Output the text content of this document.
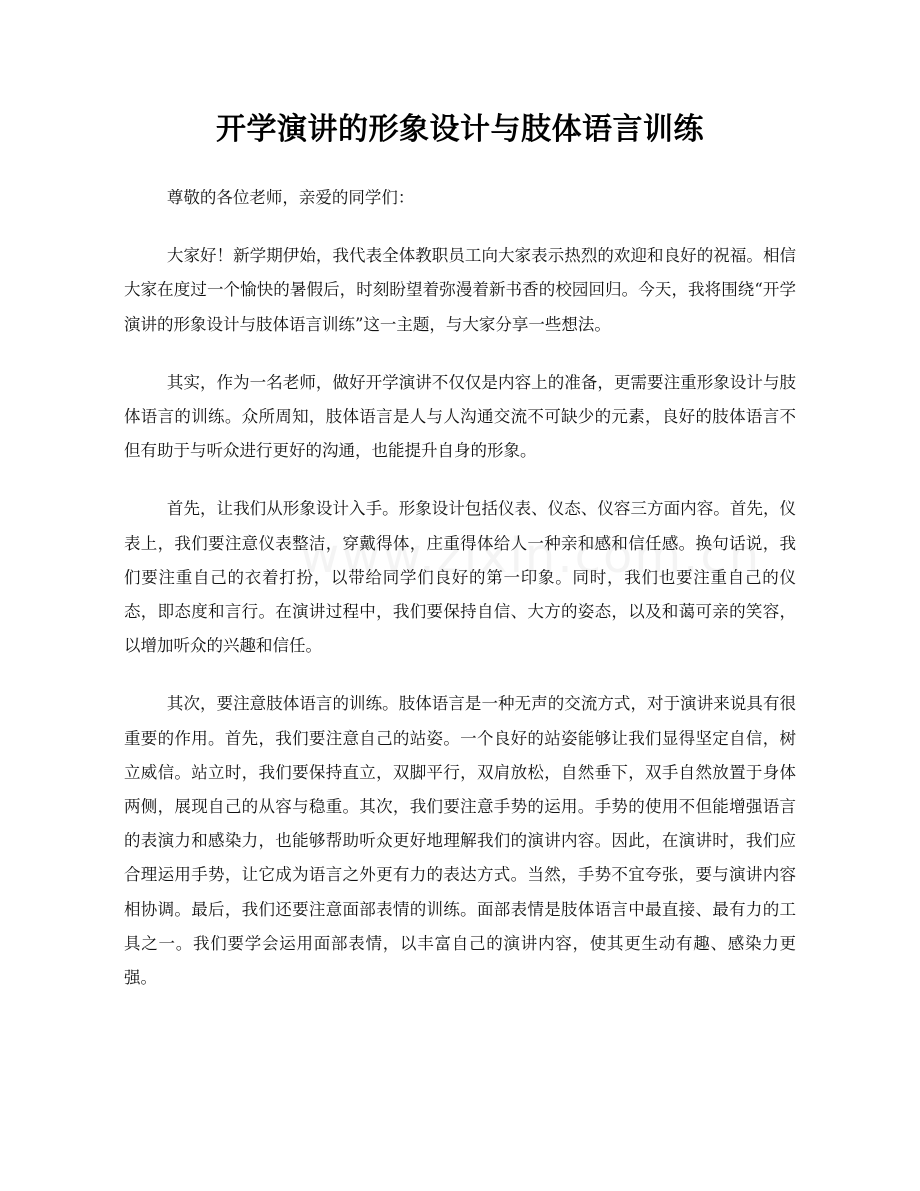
开学演讲的形象设计与肢体语言训练

尊敬的各位老师，亲爱的同学们：

大家好！新学期伊始，我代表全体教职员工向大家表示热烈的欢迎和良好的祝福。相信大家在度过一个愉快的暑假后，时刻盼望着弥漫着新书香的校园回归。今天，我将围绕“开学演讲的形象设计与肢体语言训练”这一主题，与大家分享一些想法。

其实，作为一名老师，做好开学演讲不仅仅是内容上的准备，更需要注重形象设计与肢体语言的训练。众所周知，肢体语言是人与人沟通交流不可缺少的元素，良好的肢体语言不但有助于与听众进行更好的沟通，也能提升自身的形象。

首先，让我们从形象设计入手。形象设计包括仪表、仪态、仪容三方面内容。首先，仪表上，我们要注意仪表整洁，穿戴得体，庄重得体给人一种亲和感和信任感。换句话说，我们要注重自己的衣着打扮，以带给同学们良好的第一印象。同时，我们也要注重自己的仪态，即态度和言行。在演讲过程中，我们要保持自信、大方的姿态，以及和蔼可亲的笑容，以增加听众的兴趣和信任。

其次，要注意肢体语言的训练。肢体语言是一种无声的交流方式，对于演讲来说具有很重要的作用。首先，我们要注意自己的站姿。一个良好的站姿能够让我们显得坚定自信，树立威信。站立时，我们要保持直立，双脚平行，双肩放松，自然垂下，双手自然放置于身体两侧，展现自己的从容与稳重。其次，我们要注意手势的运用。手势的使用不但能增强语言的表演力和感染力，也能够帮助听众更好地理解我们的演讲内容。因此，在演讲时，我们应合理运用手势，让它成为语言之外更有力的表达方式。当然，手势不宜夸张，要与演讲内容相协调。最后，我们还要注意面部表情的训练。面部表情是肢体语言中最直接、最有力的工具之一。我们要学会运用面部表情，以丰富自己的演讲内容，使其更生动有趣、感染力更强。
